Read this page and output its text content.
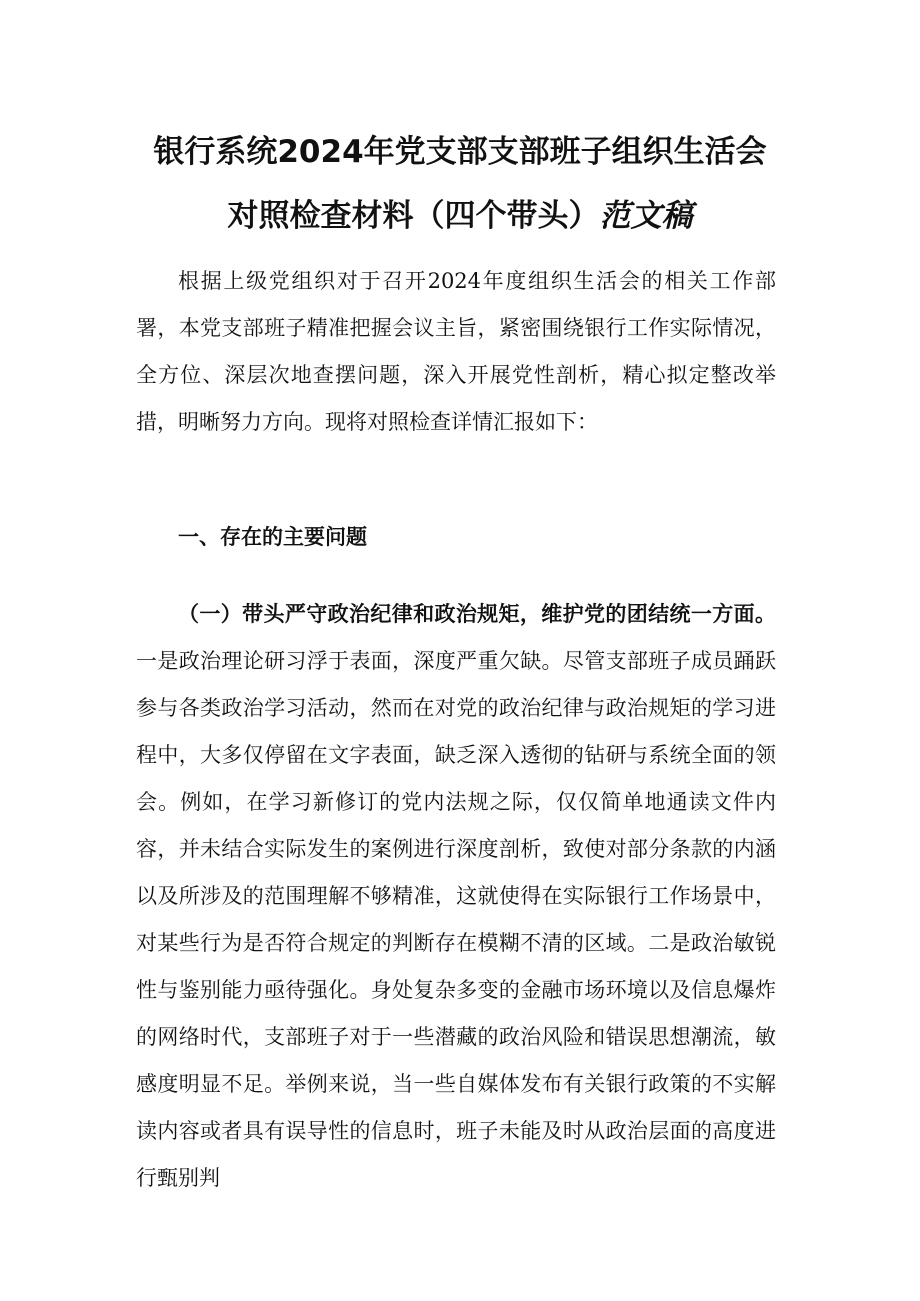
银行系统2024年党支部支部班子组织生活会
对照检查材料（四个带头）范文稿

根据上级党组织对于召开2024年度组织生活会的相关工作部署，本党支部班子精准把握会议主旨，紧密围绕银行工作实际情况，全方位、深层次地查摆问题，深入开展党性剖析，精心拟定整改举措，明晰努力方向。现将对照检查详情汇报如下：

一、存在的主要问题

（一）带头严守政治纪律和政治规矩，维护党的团结统一方面。一是政治理论研习浮于表面，深度严重欠缺。尽管支部班子成员踊跃参与各类政治学习活动，然而在对党的政治纪律与政治规矩的学习进程中，大多仅停留在文字表面，缺乏深入透彻的钻研与系统全面的领会。例如，在学习新修订的党内法规之际，仅仅简单地通读文件内容，并未结合实际发生的案例进行深度剖析，致使对部分条款的内涵以及所涉及的范围理解不够精准，这就使得在实际银行工作场景中，对某些行为是否符合规定的判断存在模糊不清的区域。二是政治敏锐性与鉴别能力亟待强化。身处复杂多变的金融市场环境以及信息爆炸的网络时代，支部班子对于一些潜藏的政治风险和错误思想潮流，敏感度明显不足。举例来说，当一些自媒体发布有关银行政策的不实解读内容或者具有误导性的信息时，班子未能及时从政治层面的高度进行甄别判
